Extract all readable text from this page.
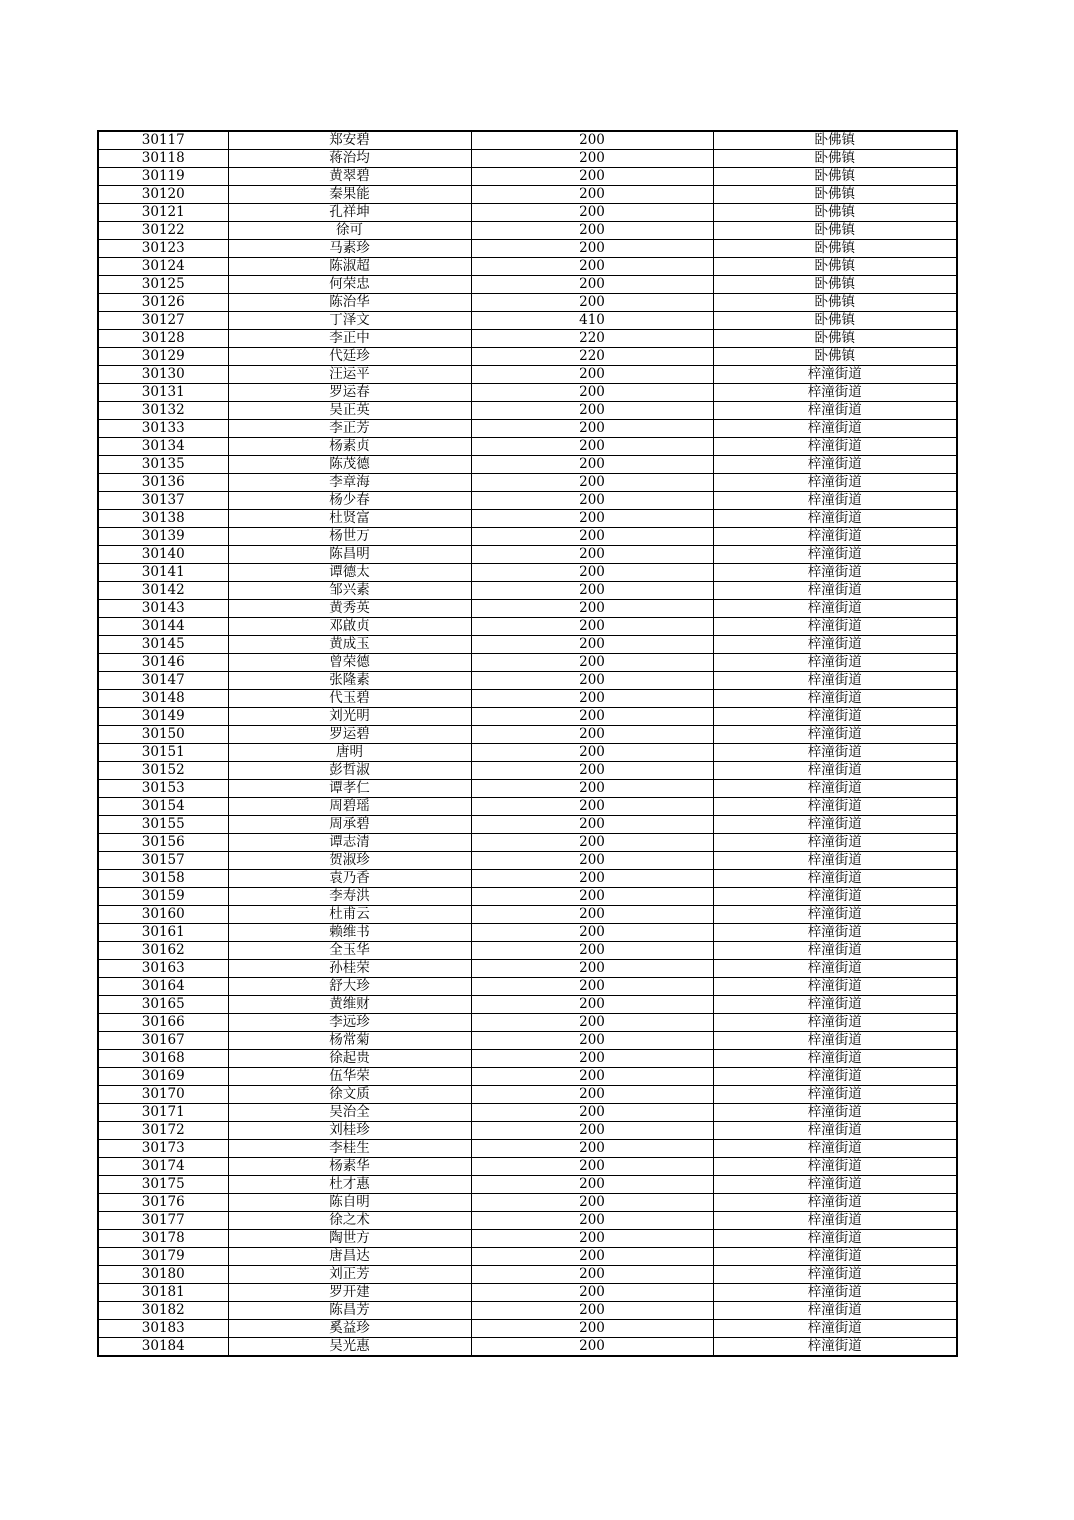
30117	郑安碧	200	卧佛镇
30118	蒋治均	200	卧佛镇
30119	黄翠碧	200	卧佛镇
30120	秦果能	200	卧佛镇
30121	孔祥坤	200	卧佛镇
30122	徐可	200	卧佛镇
30123	马素珍	200	卧佛镇
30124	陈淑超	200	卧佛镇
30125	何荣忠	200	卧佛镇
30126	陈治华	200	卧佛镇
30127	丁泽文	410	卧佛镇
30128	李正中	220	卧佛镇
30129	代廷珍	220	卧佛镇
30130	汪运平	200	梓潼街道
30131	罗运春	200	梓潼街道
30132	吴正英	200	梓潼街道
30133	李正芳	200	梓潼街道
30134	杨素贞	200	梓潼街道
30135	陈茂德	200	梓潼街道
30136	李章海	200	梓潼街道
30137	杨少春	200	梓潼街道
30138	杜贤富	200	梓潼街道
30139	杨世万	200	梓潼街道
30140	陈昌明	200	梓潼街道
30141	谭德太	200	梓潼街道
30142	邹兴素	200	梓潼街道
30143	黄秀英	200	梓潼街道
30144	邓啟贞	200	梓潼街道
30145	黄成玉	200	梓潼街道
30146	曾荣德	200	梓潼街道
30147	张隆素	200	梓潼街道
30148	代玉碧	200	梓潼街道
30149	刘光明	200	梓潼街道
30150	罗运碧	200	梓潼街道
30151	唐明	200	梓潼街道
30152	彭哲淑	200	梓潼街道
30153	谭孝仁	200	梓潼街道
30154	周碧瑶	200	梓潼街道
30155	周承碧	200	梓潼街道
30156	谭志清	200	梓潼街道
30157	贺淑珍	200	梓潼街道
30158	袁乃香	200	梓潼街道
30159	李寿洪	200	梓潼街道
30160	杜甫云	200	梓潼街道
30161	赖维书	200	梓潼街道
30162	全玉华	200	梓潼街道
30163	孙桂荣	200	梓潼街道
30164	舒大珍	200	梓潼街道
30165	黄维财	200	梓潼街道
30166	李远珍	200	梓潼街道
30167	杨常菊	200	梓潼街道
30168	徐起贵	200	梓潼街道
30169	伍华荣	200	梓潼街道
30170	徐文质	200	梓潼街道
30171	吴治全	200	梓潼街道
30172	刘桂珍	200	梓潼街道
30173	李桂生	200	梓潼街道
30174	杨素华	200	梓潼街道
30175	杜才惠	200	梓潼街道
30176	陈自明	200	梓潼街道
30177	徐之术	200	梓潼街道
30178	陶世方	200	梓潼街道
30179	唐昌达	200	梓潼街道
30180	刘正芳	200	梓潼街道
30181	罗开建	200	梓潼街道
30182	陈昌芳	200	梓潼街道
30183	奚益珍	200	梓潼街道
30184	吴光惠	200	梓潼街道
